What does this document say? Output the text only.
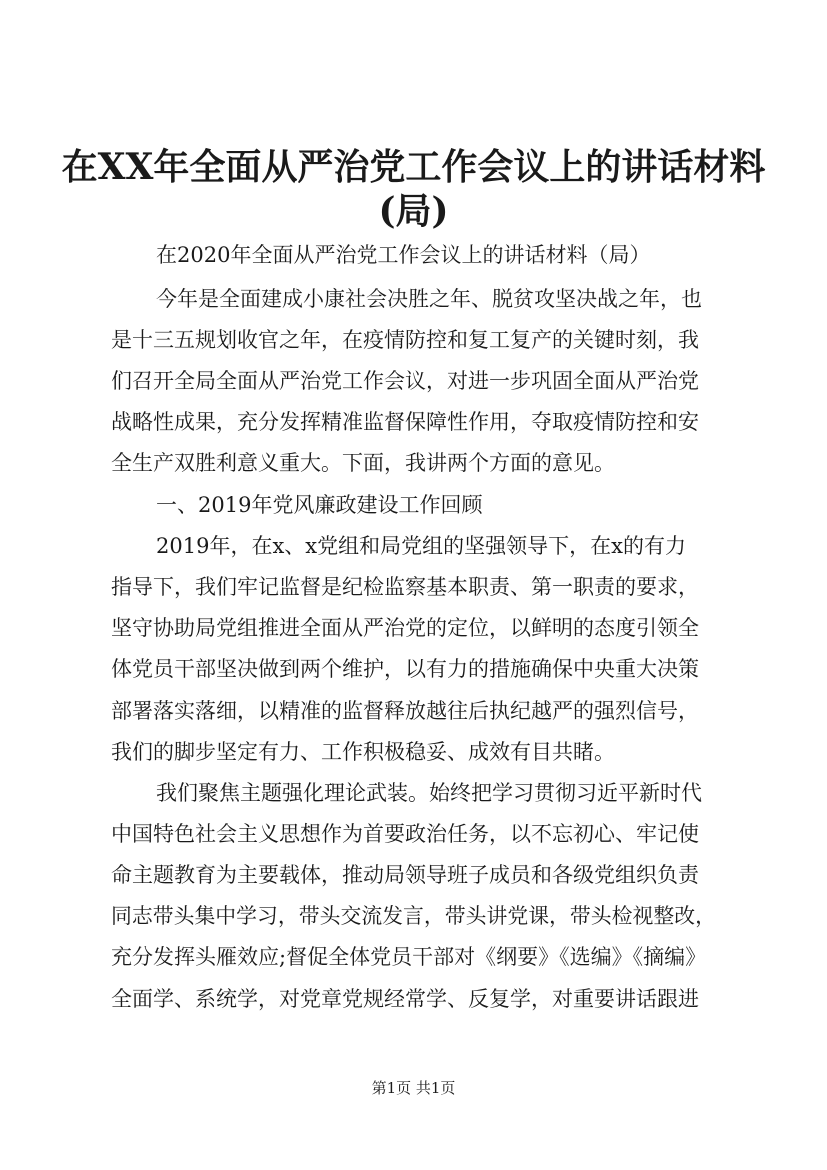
在XX年全面从严治党工作会议上的讲话材料
(局)

在2020年全面从严治党工作会议上的讲话材料（局）

今年是全面建成小康社会决胜之年、脱贫攻坚决战之年，也

是十三五规划收官之年，在疫情防控和复工复产的关键时刻，我

们召开全局全面从严治党工作会议，对进一步巩固全面从严治党

战略性成果，充分发挥精准监督保障性作用，夺取疫情防控和安

全生产双胜利意义重大。下面，我讲两个方面的意见。

一、2019年党风廉政建设工作回顾

2019年，在x、x党组和局党组的坚强领导下，在x的有力

指导下，我们牢记监督是纪检监察基本职责、第一职责的要求，

坚守协助局党组推进全面从严治党的定位，以鲜明的态度引领全

体党员干部坚决做到两个维护，以有力的措施确保中央重大决策

部署落实落细，以精准的监督释放越往后执纪越严的强烈信号，

我们的脚步坚定有力、工作积极稳妥、成效有目共睹。

我们聚焦主题强化理论武装。始终把学习贯彻习近平新时代

中国特色社会主义思想作为首要政治任务，以不忘初心、牢记使

命主题教育为主要载体，推动局领导班子成员和各级党组织负责

同志带头集中学习，带头交流发言，带头讲党课，带头检视整改，

充分发挥头雁效应;督促全体党员干部对《纲要》《选编》《摘编》

全面学、系统学，对党章党规经常学、反复学，对重要讲话跟进

第1页 共1页
